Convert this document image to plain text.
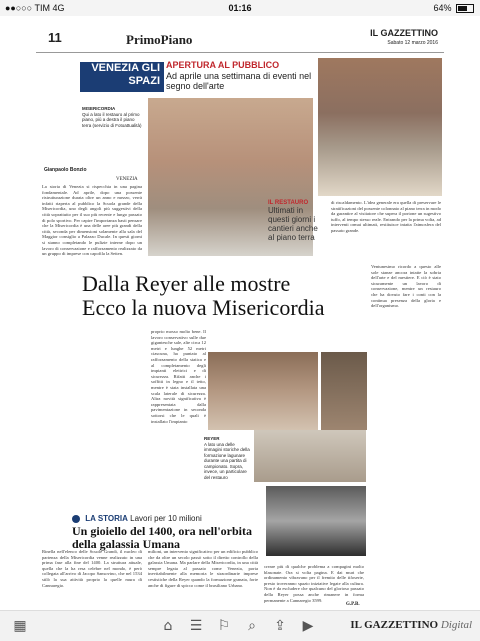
●●○○○ TIM 4G	01:16	64%
11	PrimoPiano	IL GAZZETTINO
Sabato 12 marzo 2016
VENEZIA GLI SPAZI
APERTURA AL PUBBLICO
Ad aprile una settimana di eventi nel segno dell'arte
MISERICORDIA
Qui a lato il restauro al primo piano, più a destra il piano terra (servizio di Fotoattualità)
Gianpaolo Bonzio
VENEZIA
La storia di Venezia si rispecchia in una pagina fondamentale. Ad aprile, dopo una possente ristrutturazione durata oltre un anno e mezzo, verrà infatti riaperta al pubblico la Scuola grande della Misericordia, uno degli angoli più suggestivi della città soprattutto per il suo più recente e lungo passato di polo sportivo. Per capire l'importanza basti pensare che la Misericordia è una delle aree più grandi della città, seconda per dimensioni solamente alla sala del Maggior consiglio a Palazzo Ducale. In questi giorni si stanno completando le pulizie interne dopo un lavoro di conservazione e rafforzamento realizzato da un gruppo di imprese con capofila la Setten.
IL RESTAURO
Ultimati in questi giorni i cantieri anche al piano terra
di riscaldamento. L'idea generale era quella di preservare le stratificazioni del possente colonnato al piano terra in modo da garantire al visitatore che supera il portone un sugestivo tuffo, al tempo stesso reale. Entrando per la prima volta, ad interventi ormai ultimati, restituisce intatta l'atmosfera del passato grande.
Dalla Reyer alle mostre
Ecco la nuova Misericordia
proprio mosso molto bene. Il lavoro conservativo sulle due gigantesche sale, alte circa 12 metri e lunghe 52 metri ciascuna, ha puntato al rafforzamento della statica e al completamento degli impianti elettrici e di sicurezza. Rifatti anche i soffitti in legno e il tetto, mentre è stata installata una scala laterale di sicurezza. Altra novità significativa è rappresentata dalla pavimentazione in seconda sottorsi che le quali è installato l'impianto
REYER
A lato una delle immagini storiche della formazione lagunare durante una partita di campionato. Sopra, invece, un particolare del restauro
Ventunesimo ricordo a questo alle sole stanze ancora intatte la sobria dell'arte e del mestiere. E ciò è stato sicuramente un lavoro di conservazione, mentre un restauro che ha dovuto fare i conti con la continua presenza della gloria e dell'organismo.
LA STORIA Lavori per 10 milioni
Un gioiello del 1400, ora nell'orbita della galassia Umana
Rinella nell'elenco delle Scuole Grandi, il nucleo di partenza della Misericordia venne realizzato in una prima fase alla fine del 1400. La struttura attuale, quella che la ha resa celebre nel mondo, è però collegata all'arrivo di Jacopo Sansovino, che nel 1534 stilò la sua attività proprio la quelle mura di Cannaregio.
milioni, un intervento significativo per un edificio pubblico che da oltre un secolo passò sotto il diretto controllo della galassia Umana. Ma parlare della Misericordia, in una città sempre legata al passato come Venezia, porta inevitabilmente alla memoria le straordinarie imprese cestistiche della Reyer quando la formazione granata, forte anche di figure di spicco come il brasiliano Urbano.
creare più di qualche problema a compagini molto blasonate. Ora si volta pagina. E dai muri che ordinamento vibravano per il fremito delle tifoserie, presto troveranno spazio iniziative legate alla cultura. Non è da escludere che qualcuno del glorioso passato della Reyer possa anche rimanere in forma permanente a Cannaregio 3599.
G.P.B.
▦	⌂ ☰ ⚐ ⌕ ⇪ ▶	IL GAZZETTINO Digital
